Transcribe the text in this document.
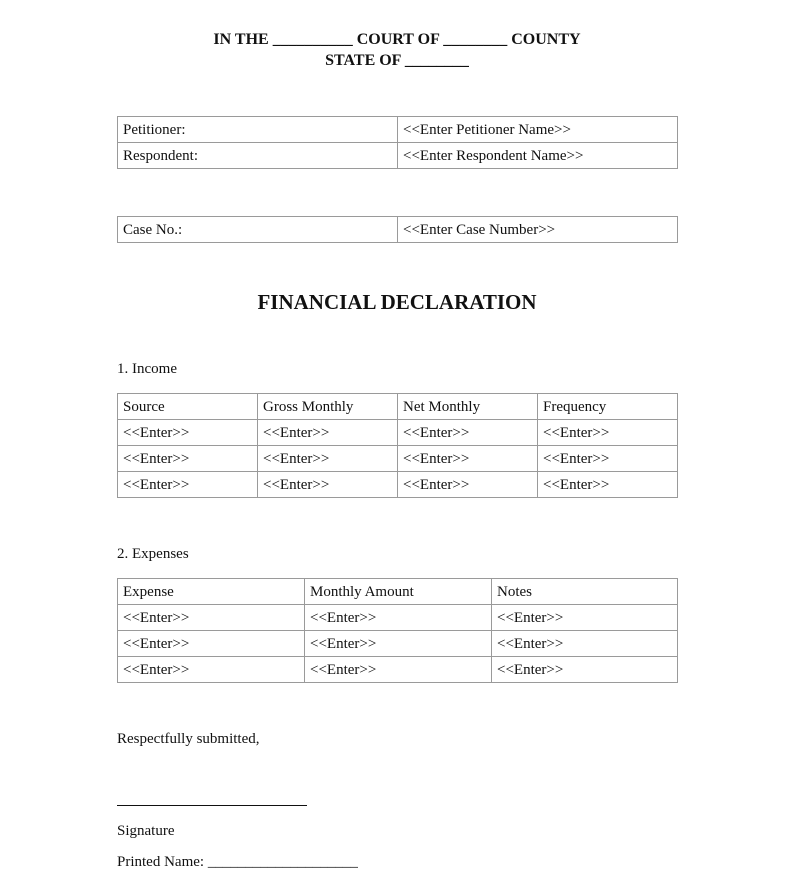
IN THE __________ COURT OF ________ COUNTY
STATE OF ________
Petitioner:	<<Enter Petitioner Name>>
Respondent:	<<Enter Respondent Name>>
Case No.:	<<Enter Case Number>>
FINANCIAL DECLARATION
1. Income
Source	Gross Monthly	Net Monthly	Frequency
<<Enter>>	<<Enter>>	<<Enter>>	<<Enter>>
<<Enter>>	<<Enter>>	<<Enter>>	<<Enter>>
<<Enter>>	<<Enter>>	<<Enter>>	<<Enter>>
2. Expenses
Expense	Monthly Amount	Notes
<<Enter>>	<<Enter>>	<<Enter>>
<<Enter>>	<<Enter>>	<<Enter>>
<<Enter>>	<<Enter>>	<<Enter>>
Respectfully submitted,
Signature
Printed Name: ____________________
